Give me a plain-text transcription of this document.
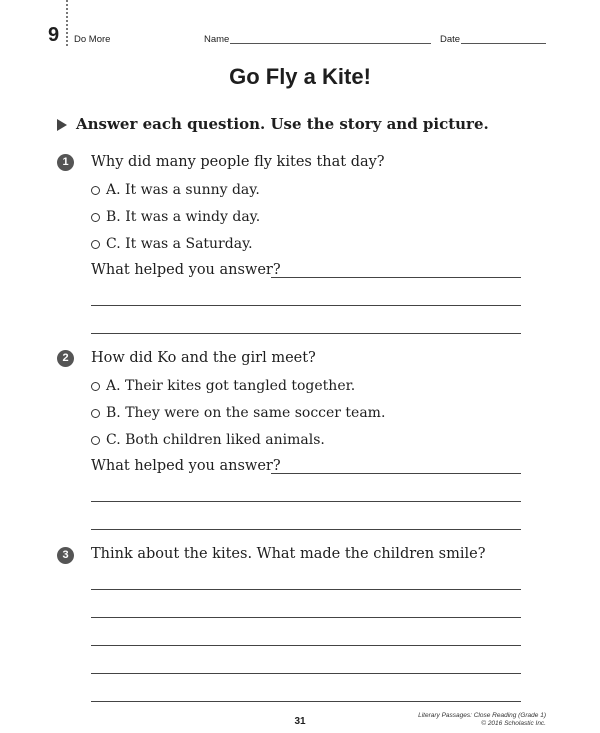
9 Do More	Name	Date
Go Fly a Kite!
Answer each question. Use the story and picture.
1	Why did many people fly kites that day?
A. It was a sunny day.
B. It was a windy day.
C. It was a Saturday.
What helped you answer?
2	How did Ko and the girl meet?
A. Their kites got tangled together.
B. They were on the same soccer team.
C. Both children liked animals.
What helped you answer?
3	Think about the kites. What made the children smile?
31
Literary Passages: Close Reading (Grade 1)
© 2016 Scholastic Inc.
